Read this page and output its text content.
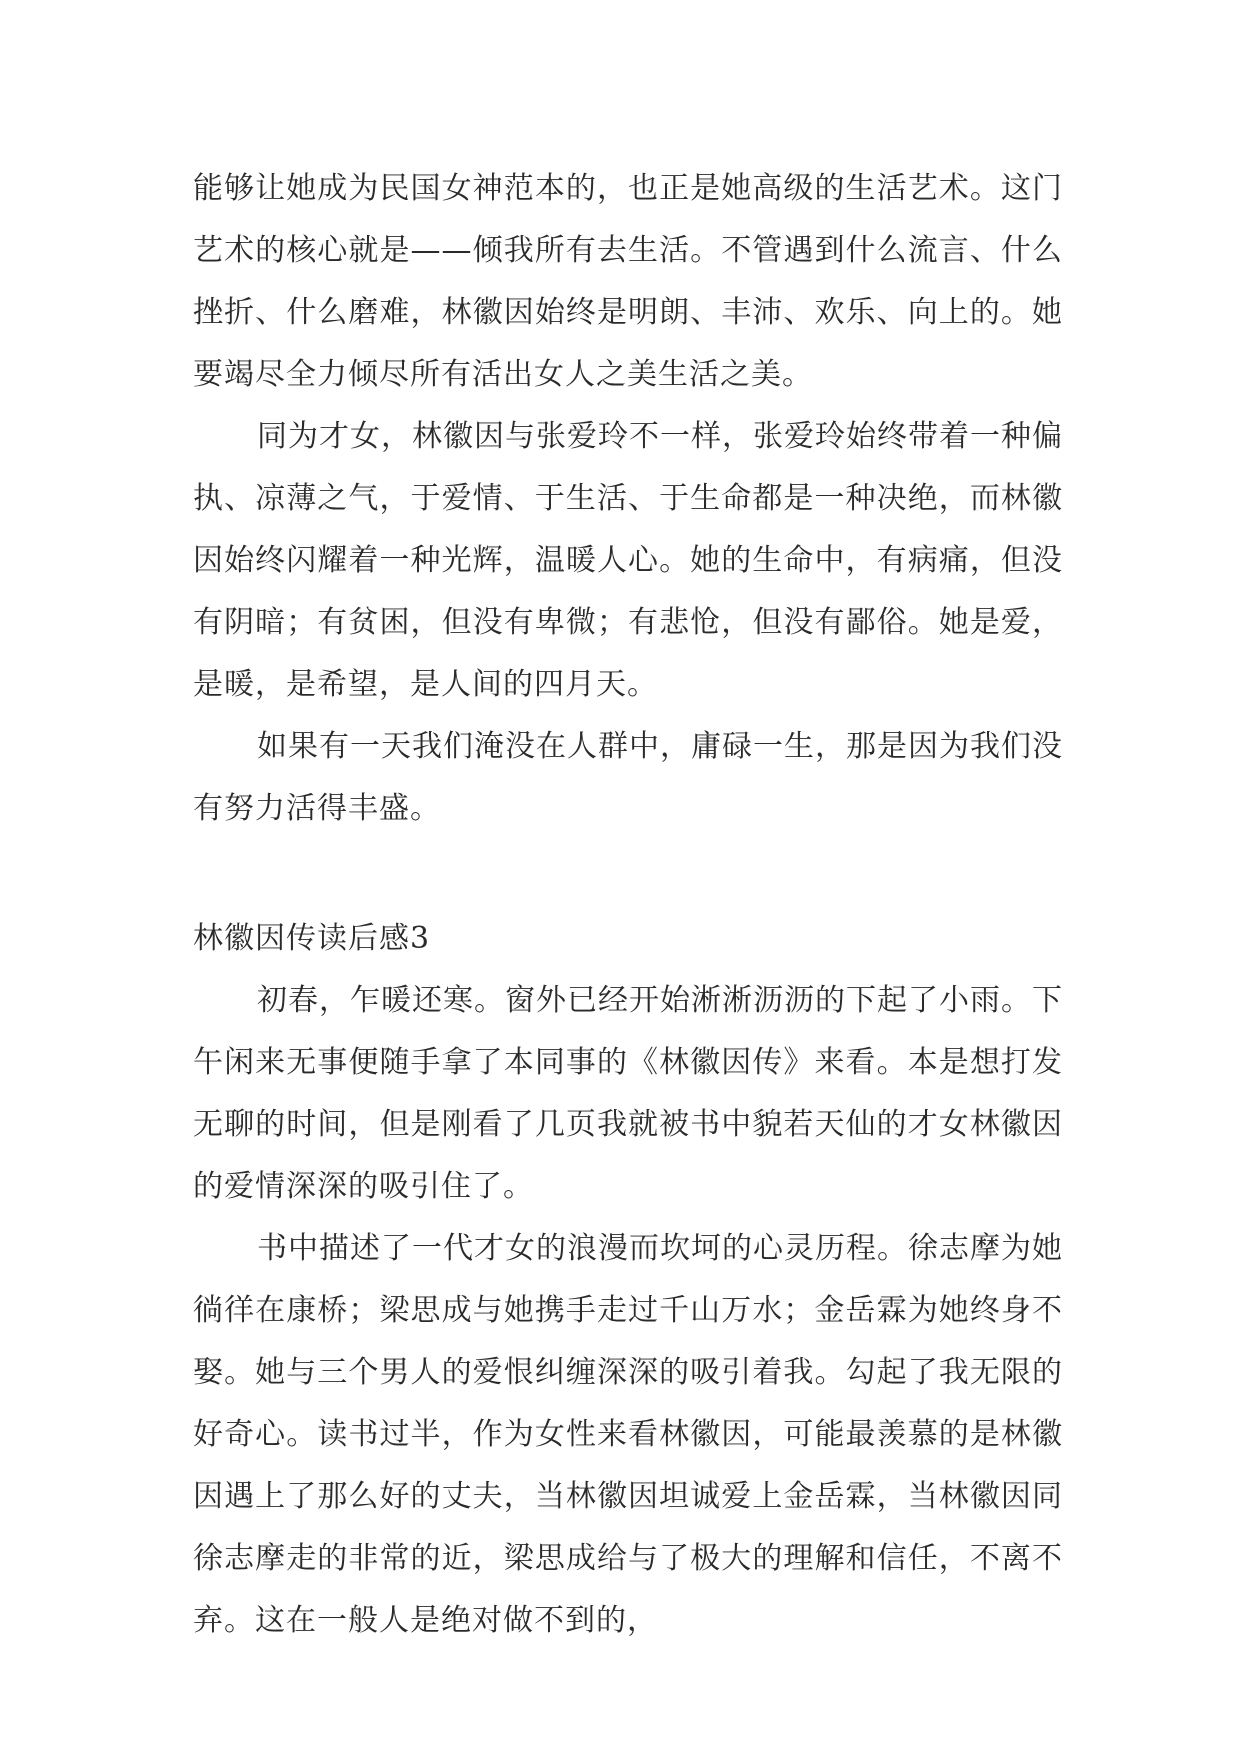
能够让她成为民国女神范本的，也正是她高级的生活艺术。这门艺术的核心就是——倾我所有去生活。不管遇到什么流言、什么挫折、什么磨难，林徽因始终是明朗、丰沛、欢乐、向上的。她要竭尽全力倾尽所有活出女人之美生活之美。

同为才女，林徽因与张爱玲不一样，张爱玲始终带着一种偏执、凉薄之气，于爱情、于生活、于生命都是一种决绝，而林徽因始终闪耀着一种光辉，温暖人心。她的生命中，有病痛，但没有阴暗；有贫困，但没有卑微；有悲怆，但没有鄙俗。她是爱，是暖，是希望，是人间的四月天。

如果有一天我们淹没在人群中，庸碌一生，那是因为我们没有努力活得丰盛。

林徽因传读后感3

初春，乍暖还寒。窗外已经开始淅淅沥沥的下起了小雨。下午闲来无事便随手拿了本同事的《林徽因传》来看。本是想打发无聊的时间，但是刚看了几页我就被书中貌若天仙的才女林徽因的爱情深深的吸引住了。

书中描述了一代才女的浪漫而坎坷的心灵历程。徐志摩为她徜徉在康桥；梁思成与她携手走过千山万水；金岳霖为她终身不娶。她与三个男人的爱恨纠缠深深的吸引着我。勾起了我无限的好奇心。读书过半，作为女性来看林徽因，可能最羡慕的是林徽因遇上了那么好的丈夫，当林徽因坦诚爱上金岳霖，当林徽因同徐志摩走的非常的近，梁思成给与了极大的理解和信任，不离不弃。这在一般人是绝对做不到的，
